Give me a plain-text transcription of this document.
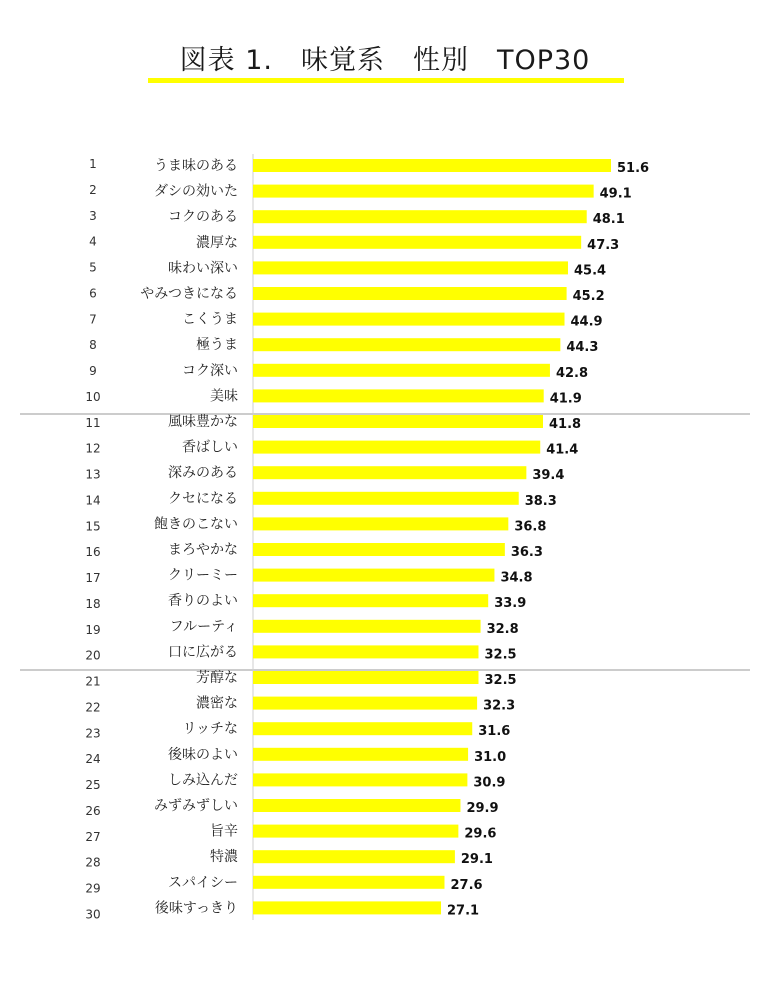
図表 1.　味覚系　性別　TOP30
1	うま味のある	51.6
2	ダシの効いた	49.1
3	コクのある	48.1
4	濃厚な	47.3
5	味わい深い	45.4
6	やみつきになる	45.2
7	こくうま	44.9
8	極うま	44.3
9	コク深い	42.8
10	美味	41.9
11	風味豊かな	41.8
12	香ばしい	41.4
13	深みのある	39.4
14	クセになる	38.3
15	飽きのこない	36.8
16	まろやかな	36.3
17	クリーミー	34.8
18	香りのよい	33.9
19	フルーティ	32.8
20	口に広がる	32.5
21	芳醇な	32.5
22	濃密な	32.3
23	リッチな	31.6
24	後味のよい	31.0
25	しみ込んだ	30.9
26	みずみずしい	29.9
27	旨辛	29.6
28	特濃	29.1
29	スパイシー	27.6
30	後味すっきり	27.1
